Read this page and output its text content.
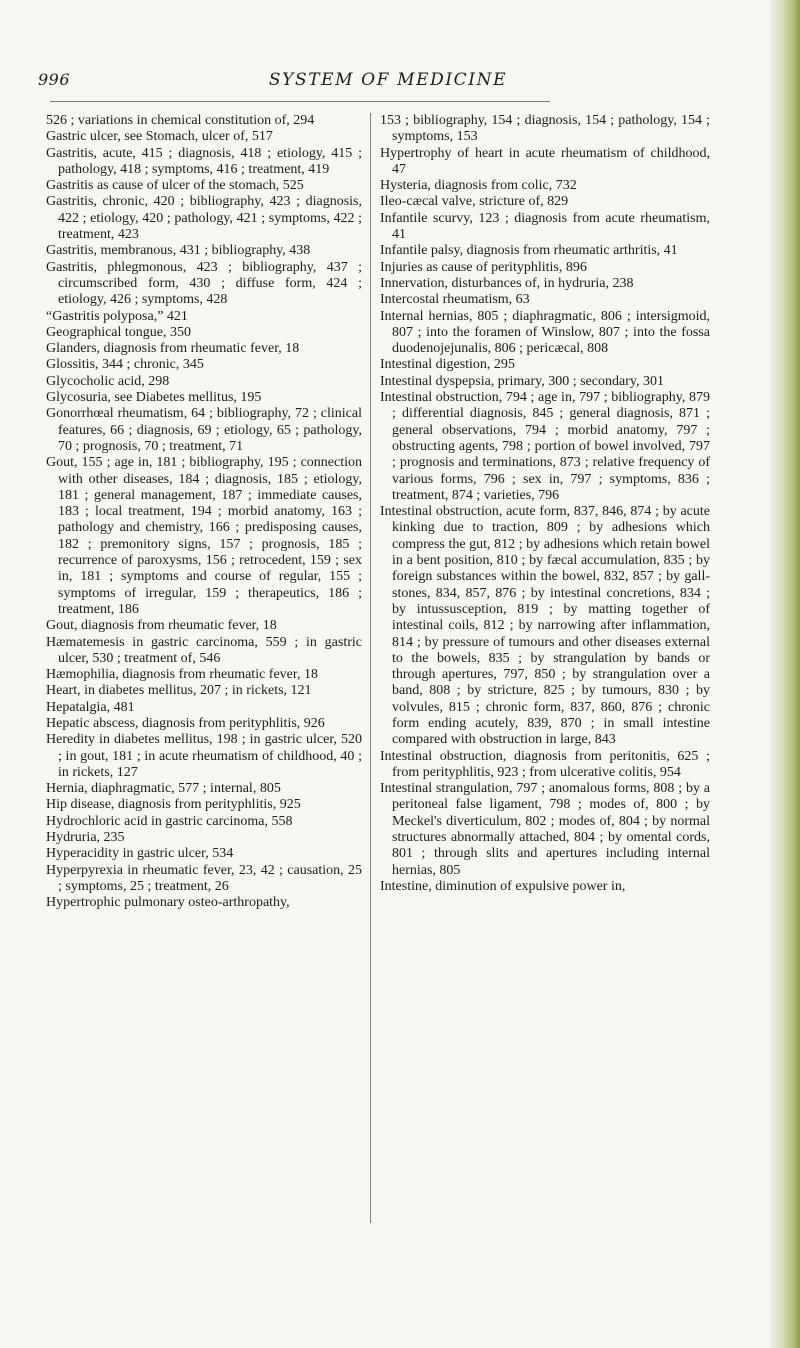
996	SYSTEM OF MEDICINE

526 ; variations in chemical constitution of, 294

Gastric ulcer, see Stomach, ulcer of, 517

Gastritis, acute, 415 ; diagnosis, 418 ; etiology, 415 ; pathology, 418 ; symptoms, 416 ; treatment, 419

Gastritis as cause of ulcer of the stomach, 525

Gastritis, chronic, 420 ; bibliography, 423 ; diagnosis, 422 ; etiology, 420 ; pathology, 421 ; symptoms, 422 ; treatment, 423

Gastritis, membranous, 431 ; bibliography, 438

Gastritis, phlegmonous, 423 ; bibliography, 437 ; circumscribed form, 430 ; diffuse form, 424 ; etiology, 426 ; symptoms, 428

“Gastritis polyposa,” 421

Geographical tongue, 350

Glanders, diagnosis from rheumatic fever, 18

Glossitis, 344 ; chronic, 345

Glycocholic acid, 298

Glycosuria, see Diabetes mellitus, 195

Gonorrhœal rheumatism, 64 ; bibliography, 72 ; clinical features, 66 ; diagnosis, 69 ; etiology, 65 ; pathology, 70 ; prognosis, 70 ; treatment, 71

Gout, 155 ; age in, 181 ; bibliography, 195 ; connection with other diseases, 184 ; diagnosis, 185 ; etiology, 181 ; general management, 187 ; immediate causes, 183 ; local treatment, 194 ; morbid anatomy, 163 ; pathology and chemistry, 166 ; predisposing causes, 182 ; premonitory signs, 157 ; prognosis, 185 ; recurrence of paroxysms, 156 ; retrocedent, 159 ; sex in, 181 ; symptoms and course of regular, 155 ; symptoms of irregular, 159 ; therapeutics, 186 ; treatment, 186

Gout, diagnosis from rheumatic fever, 18

Hæmatemesis in gastric carcinoma, 559 ; in gastric ulcer, 530 ; treatment of, 546

Hæmophilia, diagnosis from rheumatic fever, 18

Heart, in diabetes mellitus, 207 ; in rickets, 121

Hepatalgia, 481

Hepatic abscess, diagnosis from perityphlitis, 926

Heredity in diabetes mellitus, 198 ; in gastric ulcer, 520 ; in gout, 181 ; in acute rheumatism of childhood, 40 ; in rickets, 127

Hernia, diaphragmatic, 577 ; internal, 805

Hip disease, diagnosis from perityphlitis, 925

Hydrochloric acid in gastric carcinoma, 558

Hydruria, 235

Hyperacidity in gastric ulcer, 534

Hyperpyrexia in rheumatic fever, 23, 42 ; causation, 25 ; symptoms, 25 ; treatment, 26

Hypertrophic pulmonary osteo-arthropathy,

153 ; bibliography, 154 ; diagnosis, 154 ; pathology, 154 ; symptoms, 153

Hypertrophy of heart in acute rheumatism of childhood, 47

Hysteria, diagnosis from colic, 732

Ileo-cæcal valve, stricture of, 829

Infantile scurvy, 123 ; diagnosis from acute rheumatism, 41

Infantile palsy, diagnosis from rheumatic arthritis, 41

Injuries as cause of perityphlitis, 896

Innervation, disturbances of, in hydruria, 238

Intercostal rheumatism, 63

Internal hernias, 805 ; diaphragmatic, 806 ; intersigmoid, 807 ; into the foramen of Winslow, 807 ; into the fossa duodenojejunalis, 806 ; pericæcal, 808

Intestinal digestion, 295

Intestinal dyspepsia, primary, 300 ; secondary, 301

Intestinal obstruction, 794 ; age in, 797 ; bibliography, 879 ; differential diagnosis, 845 ; general diagnosis, 871 ; general observations, 794 ; morbid anatomy, 797 ; obstructing agents, 798 ; portion of bowel involved, 797 ; prognosis and terminations, 873 ; relative frequency of various forms, 796 ; sex in, 797 ; symptoms, 836 ; treatment, 874 ; varieties, 796

Intestinal obstruction, acute form, 837, 846, 874 ; by acute kinking due to traction, 809 ; by adhesions which compress the gut, 812 ; by adhesions which retain bowel in a bent position, 810 ; by fæcal accumulation, 835 ; by foreign substances within the bowel, 832, 857 ; by gall-stones, 834, 857, 876 ; by intestinal concretions, 834 ; by intussusception, 819 ; by matting together of intestinal coils, 812 ; by narrowing after inflammation, 814 ; by pressure of tumours and other diseases external to the bowels, 835 ; by strangulation by bands or through apertures, 797, 850 ; by strangulation over a band, 808 ; by stricture, 825 ; by tumours, 830 ; by volvules, 815 ; chronic form, 837, 860, 876 ; chronic form ending acutely, 839, 870 ; in small intestine compared with obstruction in large, 843

Intestinal obstruction, diagnosis from peritonitis, 625 ; from perityphlitis, 923 ; from ulcerative colitis, 954

Intestinal strangulation, 797 ; anomalous forms, 808 ; by a peritoneal false ligament, 798 ; modes of, 800 ; by Meckel's diverticulum, 802 ; modes of, 804 ; by normal structures abnormally attached, 804 ; by omental cords, 801 ; through slits and apertures including internal hernias, 805

Intestine, diminution of expulsive power in,
